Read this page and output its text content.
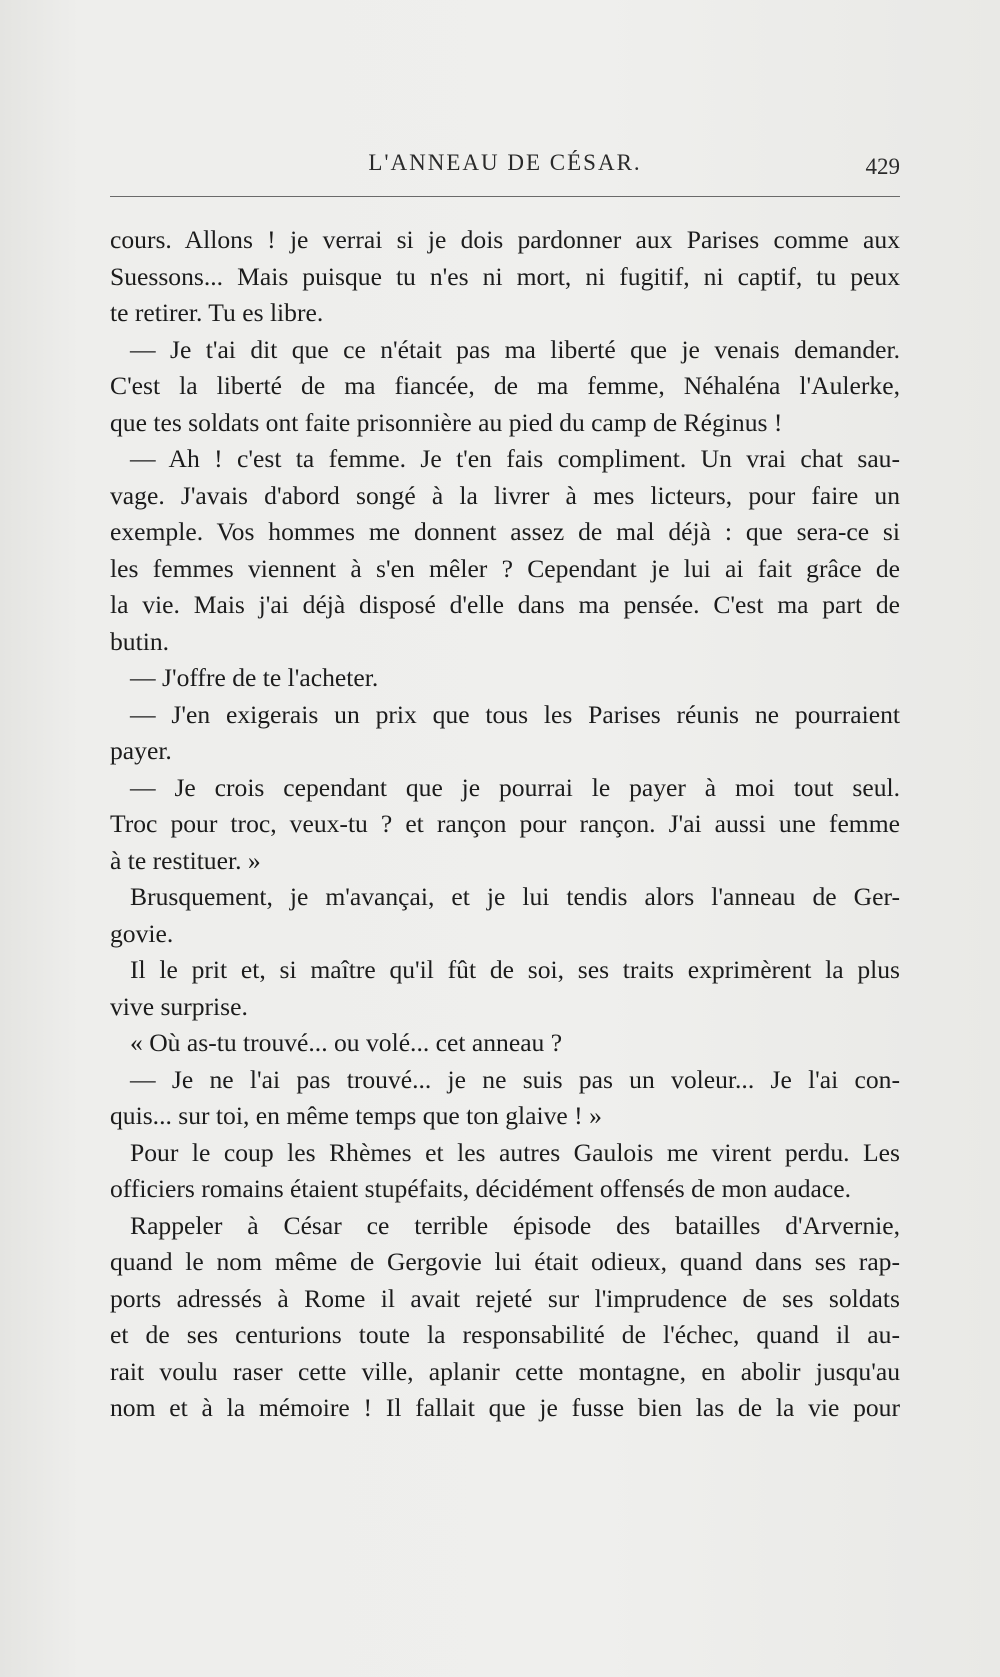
L'ANNEAU DE CÉSAR.	429
cours. Allons ! je verrai si je dois pardonner aux Parises comme aux
Suessons... Mais puisque tu n'es ni mort, ni fugitif, ni captif, tu peux
te retirer. Tu es libre.
— Je t'ai dit que ce n'était pas ma liberté que je venais demander.
C'est la liberté de ma fiancée, de ma femme, Néhaléna l'Aulerke,
que tes soldats ont faite prisonnière au pied du camp de Réginus !
— Ah ! c'est ta femme. Je t'en fais compliment. Un vrai chat sau-
vage. J'avais d'abord songé à la livrer à mes licteurs, pour faire un
exemple. Vos hommes me donnent assez de mal déjà : que sera-ce si
les femmes viennent à s'en mêler ? Cependant je lui ai fait grâce de
la vie. Mais j'ai déjà disposé d'elle dans ma pensée. C'est ma part de
butin.
— J'offre de te l'acheter.
— J'en exigerais un prix que tous les Parises réunis ne pourraient
payer.
— Je crois cependant que je pourrai le payer à moi tout seul.
Troc pour troc, veux-tu ? et rançon pour rançon. J'ai aussi une femme
à te restituer. »
Brusquement, je m'avançai, et je lui tendis alors l'anneau de Ger-
govie.
Il le prit et, si maître qu'il fût de soi, ses traits exprimèrent la plus
vive surprise.
« Où as-tu trouvé... ou volé... cet anneau ?
— Je ne l'ai pas trouvé... je ne suis pas un voleur... Je l'ai con-
quis... sur toi, en même temps que ton glaive ! »
Pour le coup les Rhèmes et les autres Gaulois me virent perdu. Les
officiers romains étaient stupéfaits, décidément offensés de mon audace.
Rappeler à César ce terrible épisode des batailles d'Arvernie,
quand le nom même de Gergovie lui était odieux, quand dans ses rap-
ports adressés à Rome il avait rejeté sur l'imprudence de ses soldats
et de ses centurions toute la responsabilité de l'échec, quand il au-
rait voulu raser cette ville, aplanir cette montagne, en abolir jusqu'au
nom et à la mémoire ! Il fallait que je fusse bien las de la vie pour
